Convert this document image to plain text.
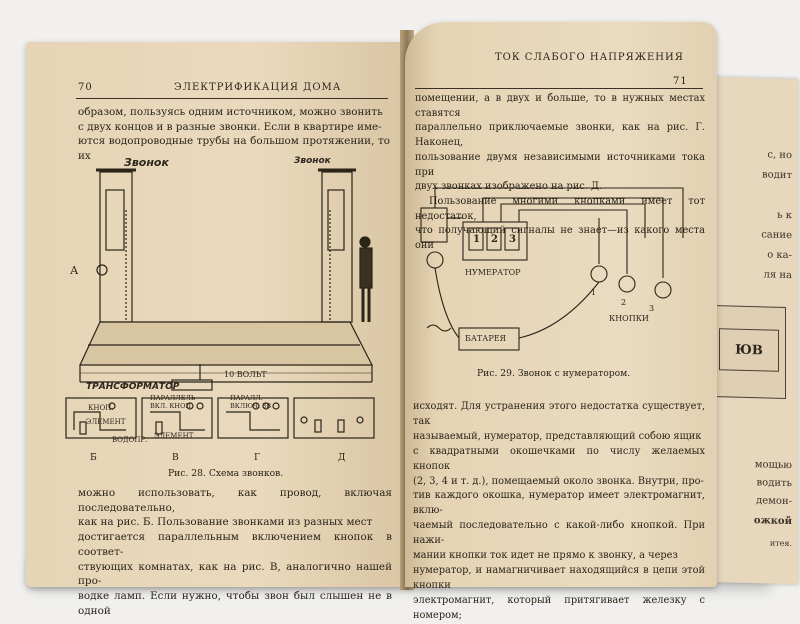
с, но
водит
ь к
сание
о ка-
ля на
ЮВ
мощью
водить
демон-
ожкой
итея.
70	ЭЛЕКТРИФИКАЦИЯ ДОМА

образом, пользуясь одним источником, можно звонить

с двух концов и в разные звонки. Если в квартире име-

ются водопроводные трубы на большом протяжении, то их	Звонок	Звонок
А
ТРАНСФОРМАТОР
10 ВОЛЬТ
КНОП.
ЭЛЕМЕНТ
ВОДОПР.
ПАРАЛЛЕЛЬ ВКЛ. КНОП.
ЭЛЕМЕНТ
ПАРАЛЛ. ВКЛЮЧ. ЗВ
Б	В	Г	Д
Рис. 28. Схема звонков.

можно использовать, как провод, включая последовательно,

как на рис. Б. Пользование звонками из разных мест

достигается параллельным включением кнопок в соответ-

ствующих комнатах, как на рис. В, аналогично нашей про-

водке ламп. Если нужно, чтобы звон был слышен не в одной

ТОК СЛАБОГО НАПРЯЖЕНИЯ
71

помещении, а в двух и больше, то в нужных местах ставятся

параллельно приключаемые звонки, как на рис. Г. Наконец,

пользование двумя независимыми источниками тока при

двух звонках изображено на рис. Д.

Пользование многими кнопками имеет тот недостаток,

что получающий сигналы не знает—из какого места они

1 2 3
НУМЕРАТОР
1
2
3
КНОПКИ
БАТАРЕЯ
Рис. 29. Звонок с нумератором.

исходят. Для устранения этого недостатка существует, так

называемый, нумератор, представляющий собою ящик

с квадратными окошечками по числу желаемых кнопок

(2, 3, 4 и т. д.), помещаемый около звонка. Внутри, про-

тив каждого окошка, нумератор имеет электромагнит, вклю-

чаемый последовательно с какой-либо кнопкой. При нажи-

мании кнопки ток идет не прямо к звонку, а через

нумератор, и намагничивает находящийся в цепи этой кнопки

электромагнит, который притягивает железку с номером;
